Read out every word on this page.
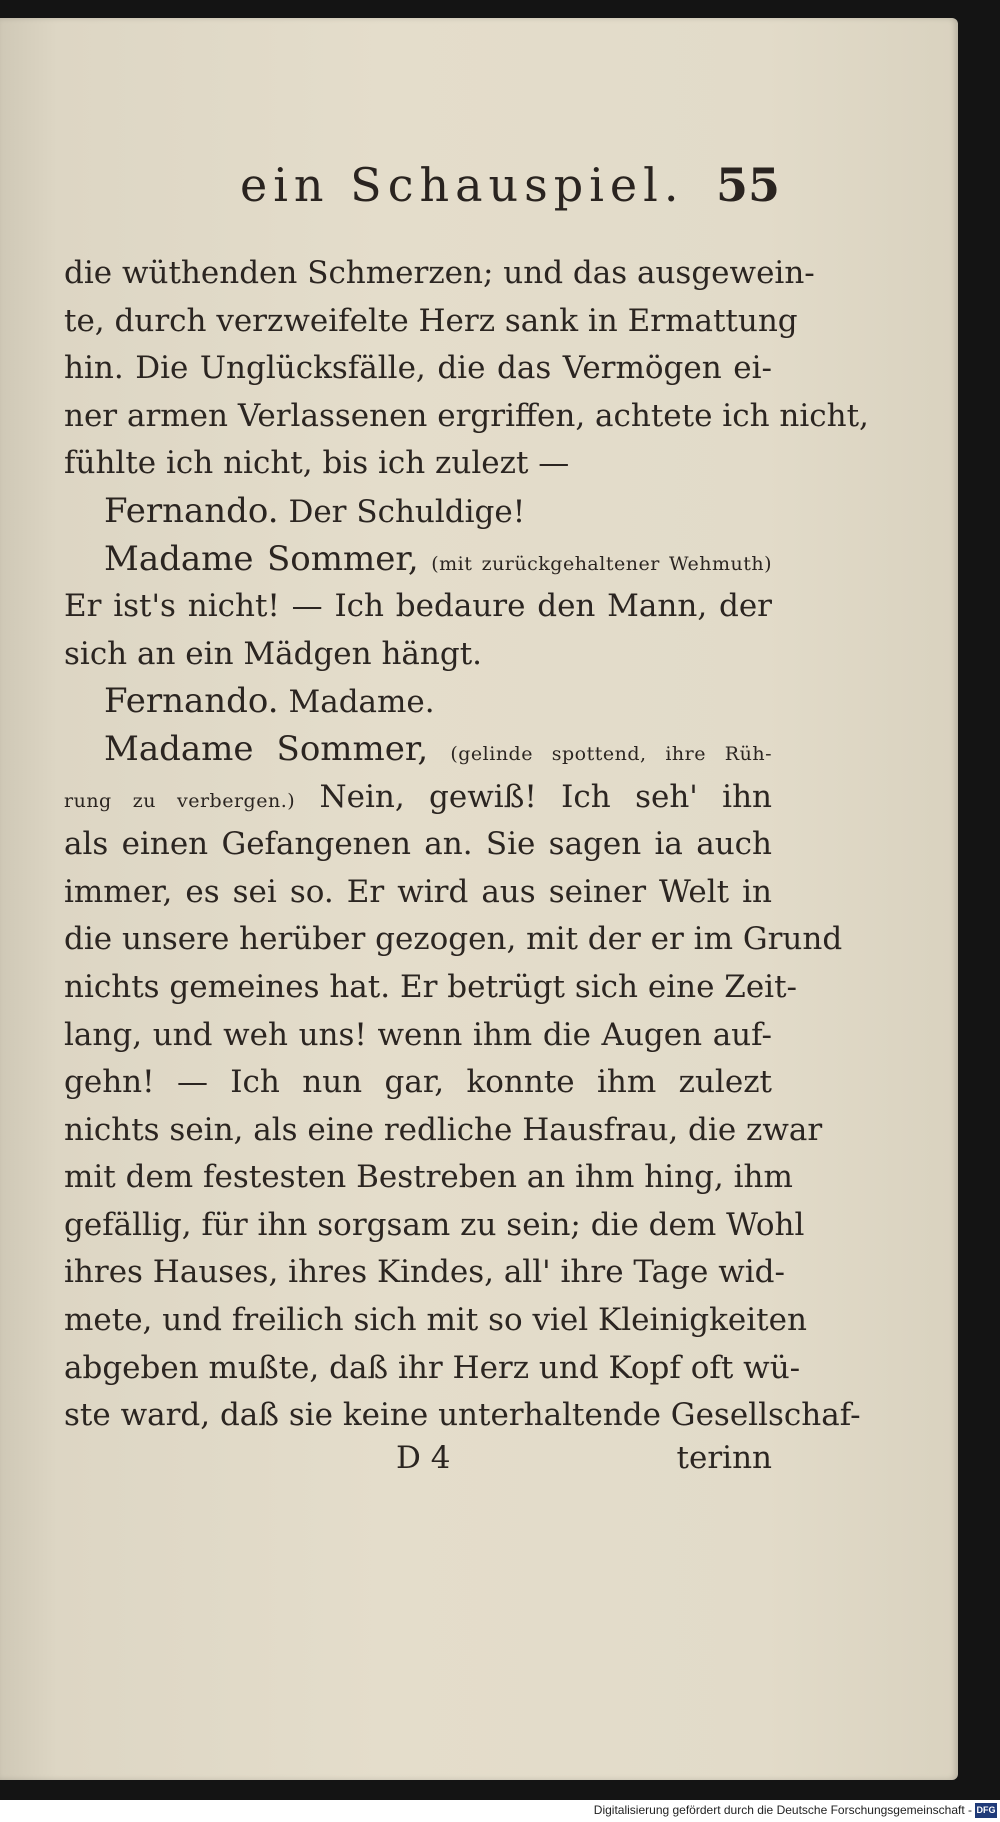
ein Schauspiel. 55
die wüthenden Schmerzen; und das ausgewein-
te, durch verzweifelte Herz sank in Ermattung
hin. Die Unglücksfälle, die das Vermögen ei-
ner armen Verlassenen ergriffen, achtete ich nicht,
fühlte ich nicht, bis ich zulezt —
Fernando. Der Schuldige!
Madame Sommer, (mit zurückgehaltener Wehmuth)
Er ist's nicht! — Ich bedaure den Mann, der
sich an ein Mädgen hängt.
Fernando. Madame.
Madame Sommer, (gelinde spottend, ihre Rüh-
rung zu verbergen.) Nein, gewiß! Ich seh' ihn
als einen Gefangenen an. Sie sagen ia auch
immer, es sei so. Er wird aus seiner Welt in
die unsere herüber gezogen, mit der er im Grund
nichts gemeines hat. Er betrügt sich eine Zeit-
lang, und weh uns! wenn ihm die Augen auf-
gehn! — Ich nun gar, konnte ihm zulezt
nichts sein, als eine redliche Hausfrau, die zwar
mit dem festesten Bestreben an ihm hing, ihm
gefällig, für ihn sorgsam zu sein; die dem Wohl
ihres Hauses, ihres Kindes, all' ihre Tage wid-
mete, und freilich sich mit so viel Kleinigkeiten
abgeben mußte, daß ihr Herz und Kopf oft wü-
ste ward, daß sie keine unterhaltende Gesellschaf-
D 4	terinn
Digitalisierung gefördert durch die Deutsche Forschungsgemeinschaft - DFG
